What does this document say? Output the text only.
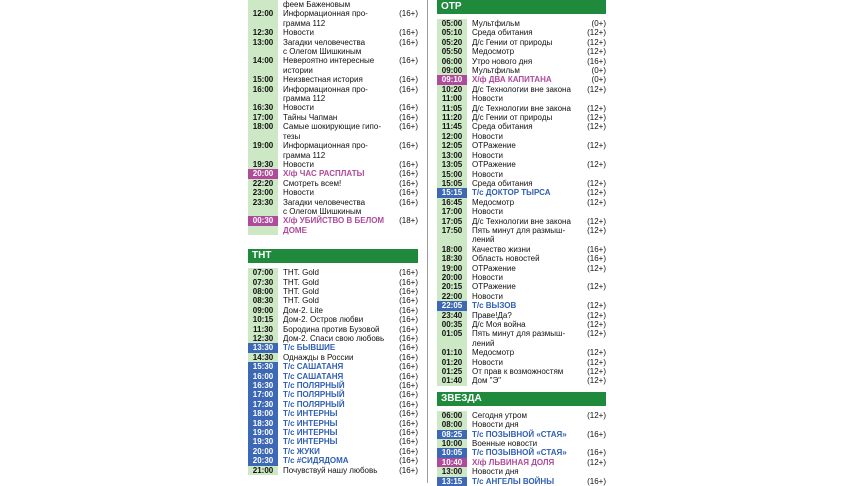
феем Баженовым
12:00	Информационная про-	(16+)
грамма 112
12:30	Новости	(16+)
13:00	Загадки человечества	(16+)
с Олегом Шишкиным
14:00	Невероятно интересные	(16+)
истории
15:00	Неизвестная история	(16+)
16:00	Информационная про-	(16+)
грамма 112
16:30	Новости	(16+)
17:00	Тайны Чапман	(16+)
18:00	Самые шокирующие гипо-	(16+)
тезы
19:00	Информационная про-	(16+)
грамма 112
19:30	Новости	(16+)
20:00	Х/ф ЧАС РАСПЛАТЫ	(16+)
22:20	Смотреть всем!	(16+)
23:00	Новости	(16+)
23:30	Загадки человечества	(16+)
с Олегом Шишкиным
00:30	Х/ф УБИЙСТВО В БЕЛОМ	(18+)
ДОМЕ
ТНТ
07:00	THT. Gold	(16+)
07:30	THT. Gold	(16+)
08:00	THT. Gold	(16+)
08:30	THT. Gold	(16+)
09:00	Дом-2. Lite	(16+)
10:15	Дом-2. Остров любви	(16+)
11:30	Бородина против Бузовой	(16+)
12:30	Дом-2. Спаси свою любовь	(16+)
13:30	Т/с БЫВШИЕ	(16+)
14:30	Однажды в России	(16+)
15:30	Т/с САШАТАНЯ	(16+)
16:00	Т/с САШАТАНЯ	(16+)
16:30	Т/с ПОЛЯРНЫЙ	(16+)
17:00	Т/с ПОЛЯРНЫЙ	(16+)
17:30	Т/с ПОЛЯРНЫЙ	(16+)
18:00	Т/с ИНТЕРНЫ	(16+)
18:30	Т/с ИНТЕРНЫ	(16+)
19:00	Т/с ИНТЕРНЫ	(16+)
19:30	Т/с ИНТЕРНЫ	(16+)
20:00	Т/с ЖУКИ	(16+)
20:30	Т/с #СИДЯДОМА	(16+)
21:00	Почувствуй нашу любовь	(16+)
ОТР
05:00	Мультфильм	(0+)
05:10	Среда обитания	(12+)
05:20	Д/с Гении от природы	(12+)
05:50	Медосмотр	(12+)
06:00	Утро нового дня	(16+)
09:00	Мультфильм	(0+)
09:10	Х/ф ДВА КАПИТАНА	(0+)
10:20	Д/с Технологии вне закона	(12+)
11:00	Новости
11:05	Д/с Технологии вне закона	(12+)
11:20	Д/с Гении от природы	(12+)
11:45	Среда обитания	(12+)
12:00	Новости
12:05	ОТРажение	(12+)
13:00	Новости
13:05	ОТРажение	(12+)
15:00	Новости
15:05	Среда обитания	(12+)
15:15	Т/с ДОКТОР ТЫРСА	(12+)
16:45	Медосмотр	(12+)
17:00	Новости
17:05	Д/с Технологии вне закона	(12+)
17:50	Пять минут для размыш-	(12+)
лений
18:00	Качество жизни	(16+)
18:30	Область новостей	(16+)
19:00	ОТРажение	(12+)
20:00	Новости
20:15	ОТРажение	(12+)
22:00	Новости
22:05	Т/с ВЫЗОВ	(12+)
23:40	Праве!Да?	(12+)
00:35	Д/с Моя война	(12+)
01:05	Пять минут для размыш-	(12+)
лений
01:10	Медосмотр	(12+)
01:20	Новости	(12+)
01:25	От прав к возможностям	(12+)
01:40	Дом "Э"	(12+)
ЗВЕЗДА
06:00	Сегодня утром	(12+)
08:00	Новости дня
08:25	Т/с ПОЗЫВНОЙ «СТАЯ»	(16+)
10:00	Военные новости
10:05	Т/с ПОЗЫВНОЙ «СТАЯ»	(16+)
10:40	Х/ф ЛЬВИНАЯ ДОЛЯ	(12+)
13:00	Новости дня
13:15	Т/с АНГЕЛЫ ВОЙНЫ	(16+)
